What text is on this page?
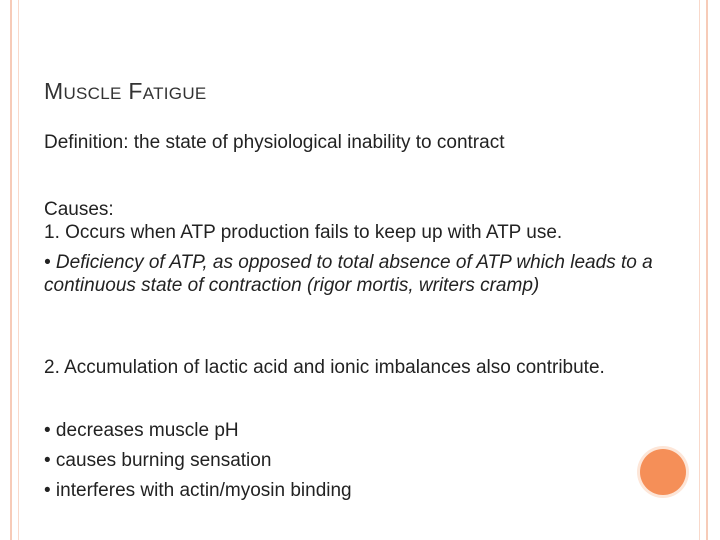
MUSCLE FATIGUE

Definition: the state of physiological inability to contract

Causes:

1. Occurs when ATP production fails to keep up with ATP use.

• Deficiency of ATP, as opposed to total absence of ATP which leads to a continuous state of contraction (rigor mortis, writers cramp)

2. Accumulation of lactic acid and ionic imbalances also contribute.

• decreases muscle pH
• causes burning sensation
• interferes with actin/myosin binding
